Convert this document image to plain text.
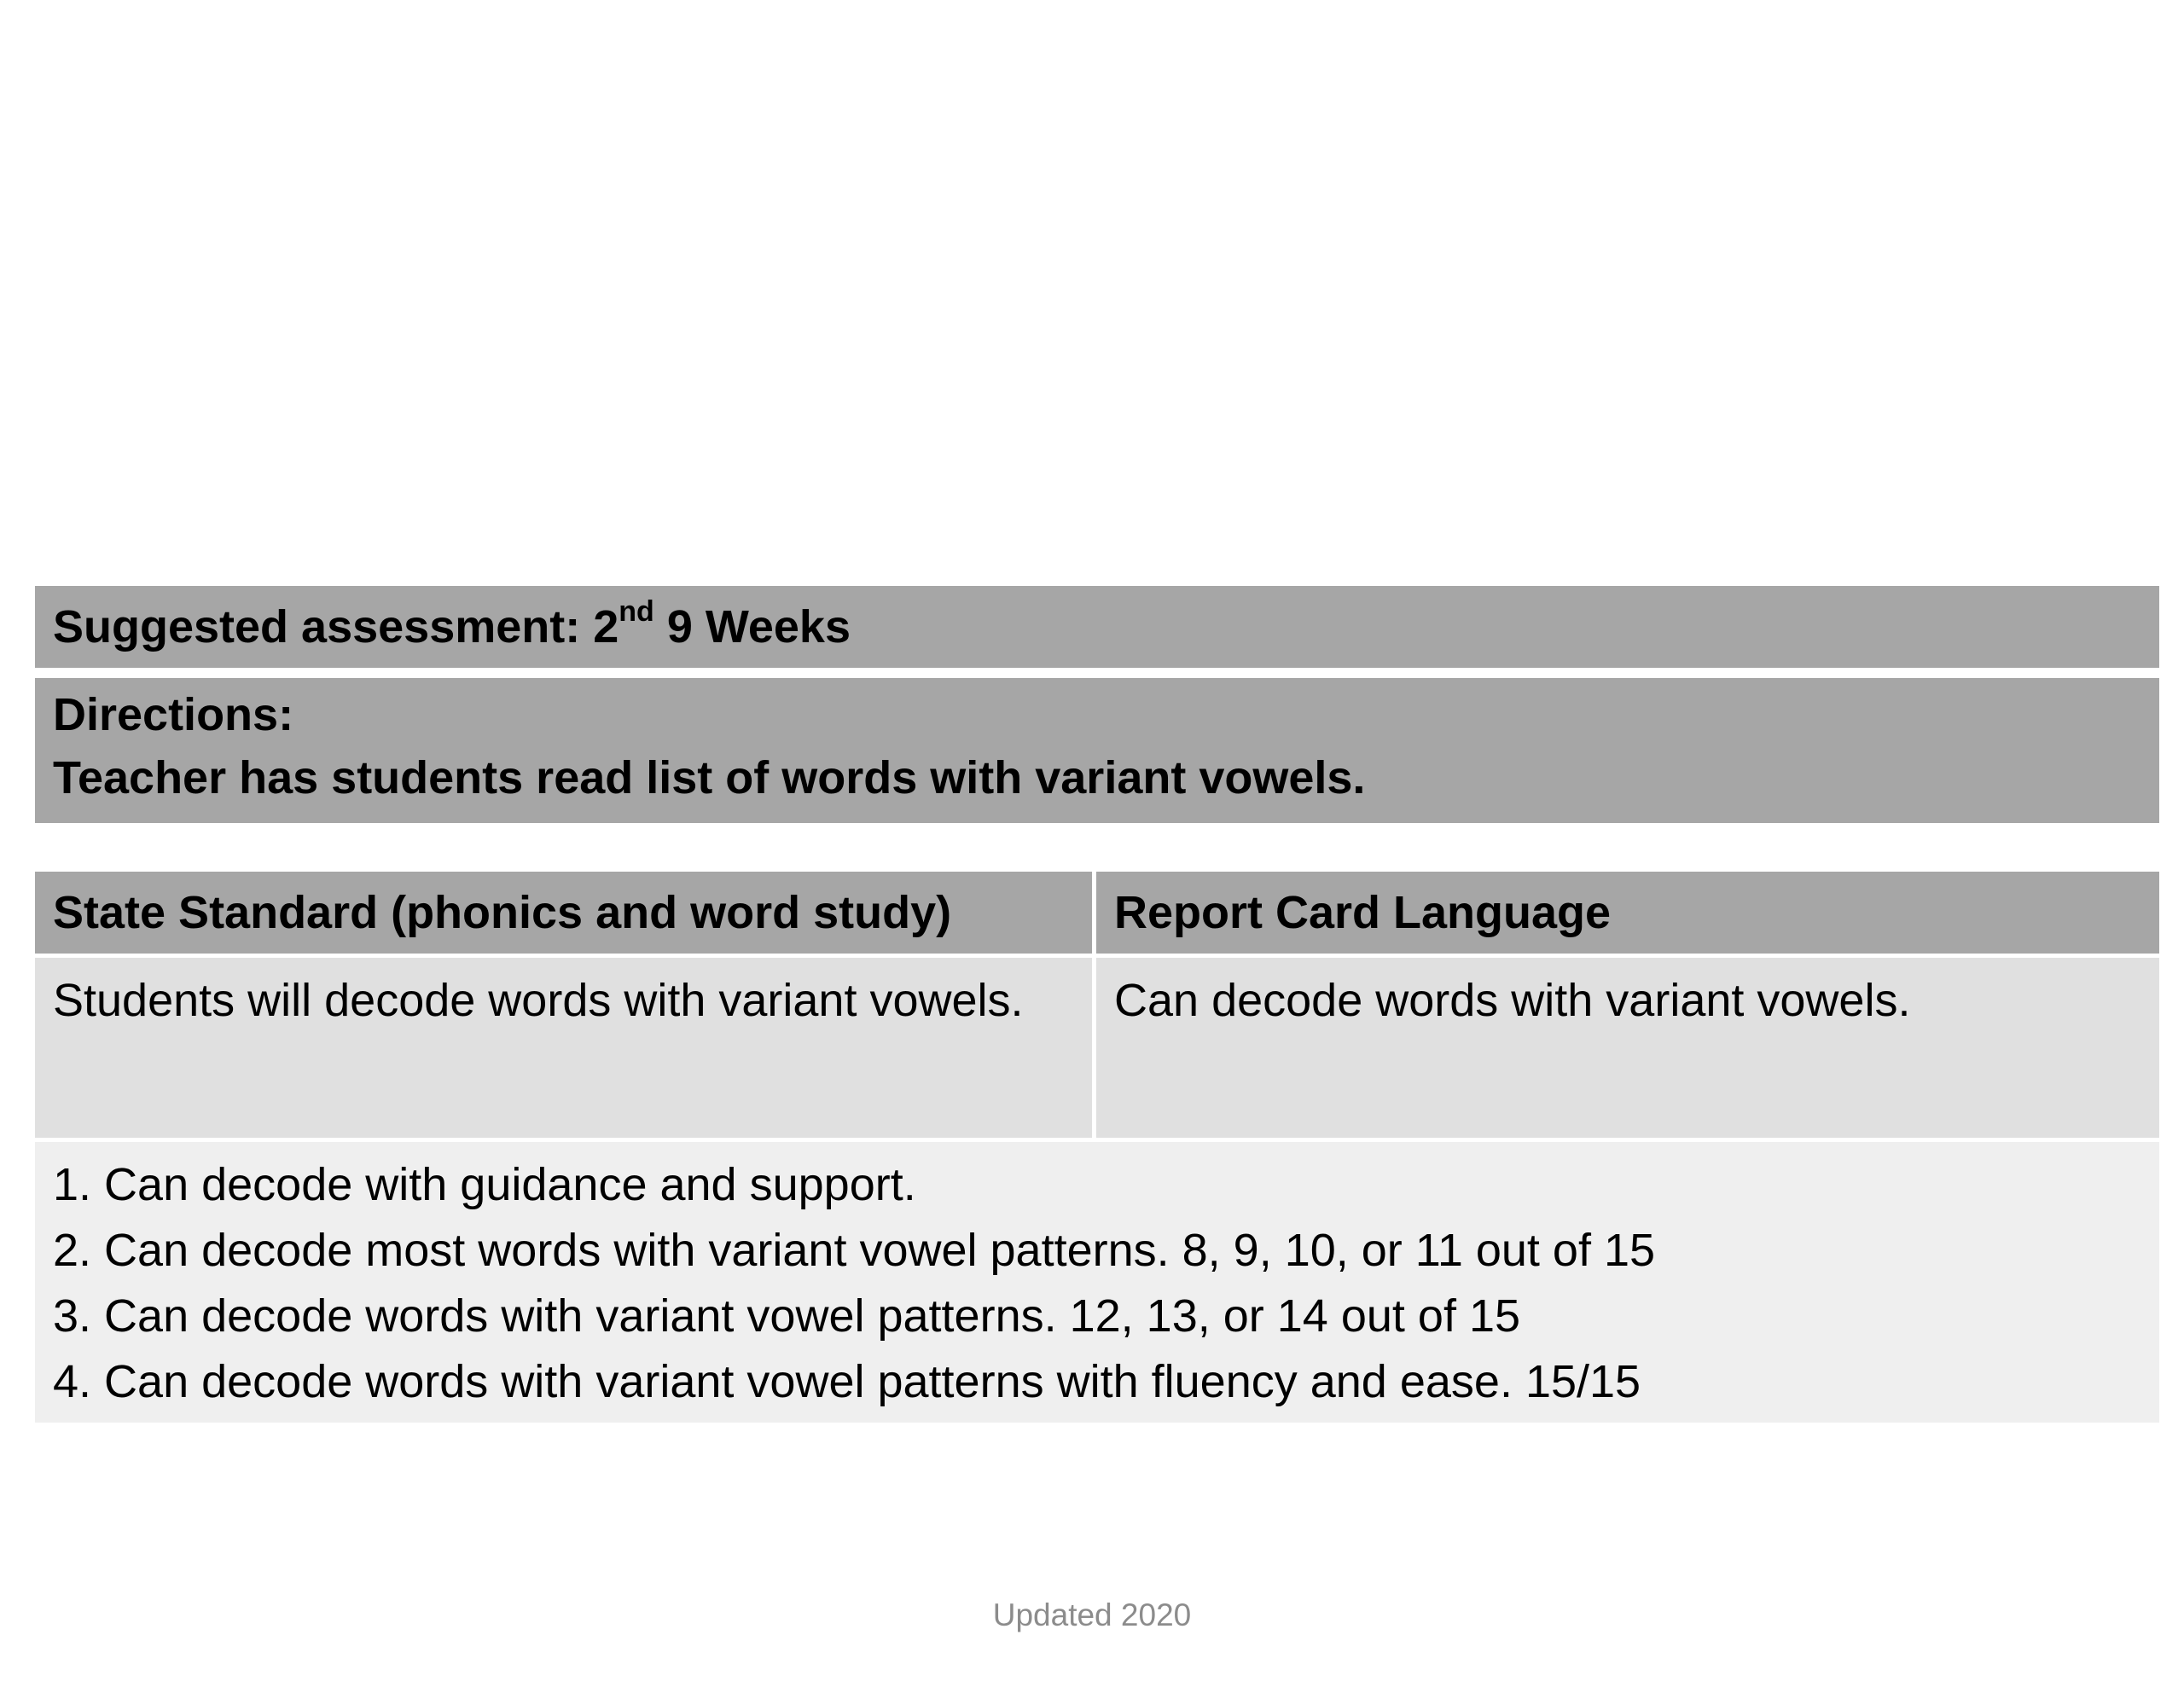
Suggested assessment: 2nd 9 Weeks
Directions:
Teacher has students read list of words with variant vowels.
State Standard (phonics and word study)	Report Card Language
Students will decode words with variant vowels.	Can decode words with variant vowels.
1. Can decode with guidance and support.
2. Can decode most words with variant vowel patterns. 8, 9, 10, or 11 out of 15
3. Can decode words with variant vowel patterns. 12, 13, or 14 out of 15
4. Can decode words with variant vowel patterns with fluency and ease. 15/15
Updated 2020
